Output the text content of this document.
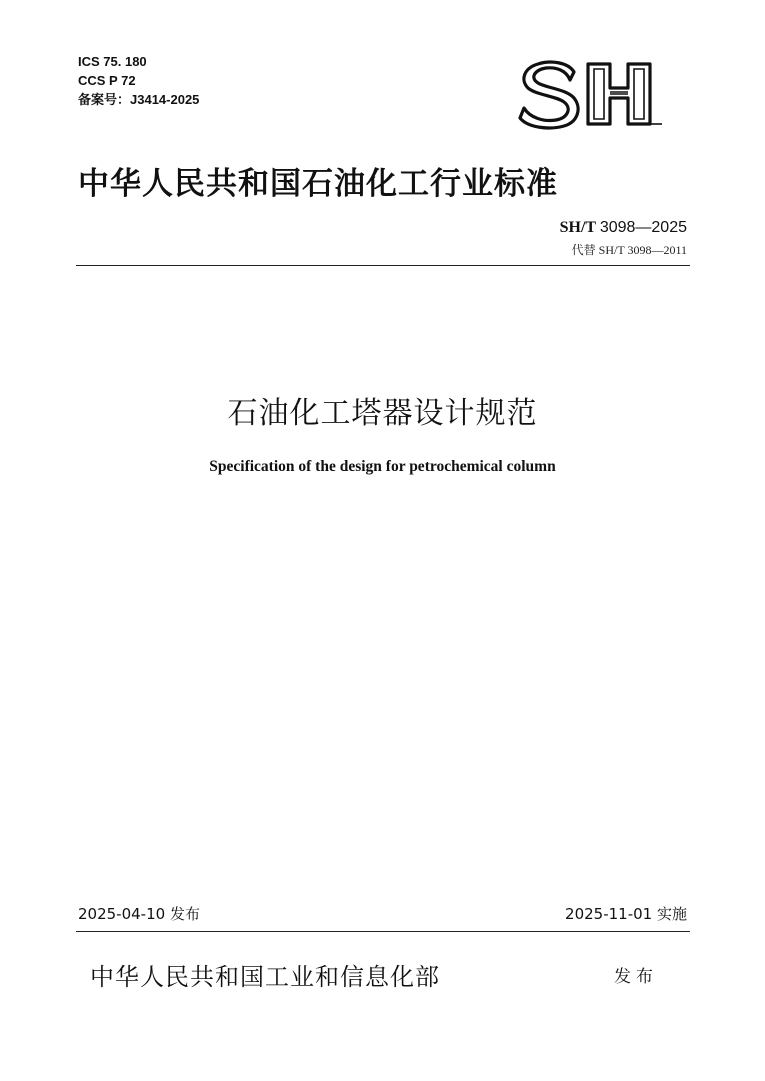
ICS 75. 180
CCS P 72
备案号：J3414-2025
中华人民共和国石油化工行业标准
SH/T 3098—2025
代替 SH/T 3098—2011
石油化工塔器设计规范
Specification of the design for petrochemical column
2025-04-10 发布	2025-11-01 实施
中华人民共和国工业和信息化部	发布
